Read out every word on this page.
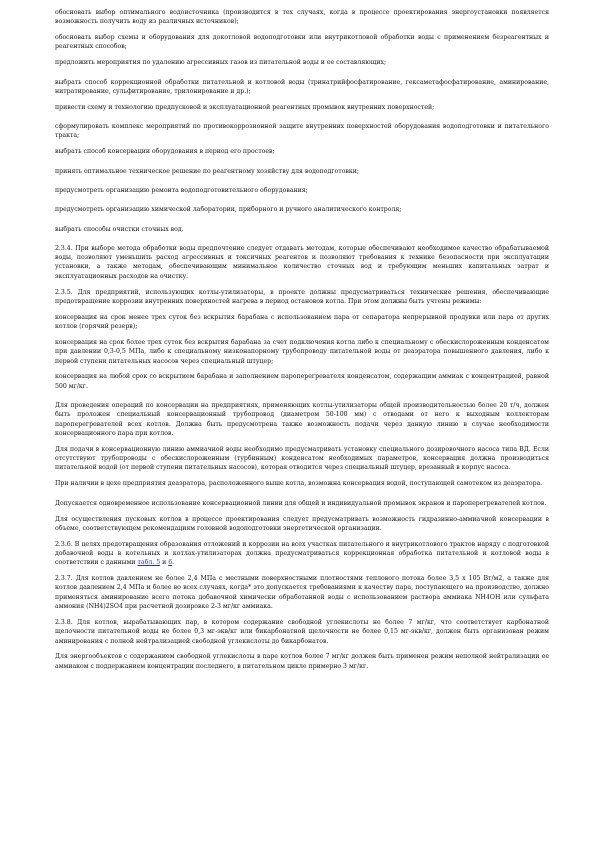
обосновать выбор оптимального водоисточника (производится в тех случаях, когда в процессе проектирования энергоустановки появляется возможность получить воду из различных источников);

обосновать выбор схемы и оборудования для докотловой водоподготовки или внутрикотловой обработки воды с применением безреагентных и реагентных способов;

предложить мероприятия по удалению агрессивных газов из питательной воды и ее составляющих;

выбрать способ коррекционной обработки питательной и котловой воды (тринатрийфосфатирование, гексаметафосфатирование, аминирование, нитратирование, сульфитирование, трилонирование и др.);

привести схему и технологию предпусковой и эксплуатационной реагентных промывок внутренних поверхностей;

сформулировать комплекс мероприятий по противокоррозионной защите внутренних поверхностей оборудования водоподготовки и питательного тракта;

выбрать способ консервации оборудования в период его простоев;

принять оптимальное техническое решение по реагентному хозяйству для водоподготовки;

предусмотреть организацию ремонта водоподготовительного оборудования;

предусмотреть организацию химической лаборатории, приборного и ручного аналитического контроля;

выбрать способы очистки сточных вод.

2.3.4. При выборе метода обработки воды предпочтение следует отдавать методам, которые обеспечивают необходимое качество обрабатываемой воды, позволяют уменьшить расход агрессивных и токсичных реагентов и позволяют требования к технике безопасности при эксплуатации установки, а также методам, обеспечивающим минимальное количество сточных вод и требующим меньших капитальных затрат и эксплуатационных расходов на очистку.

2.3.5. Для предприятий, использующих котлы-утилизаторы, в проекте должны предусматриваться технические решения, обеспечивающие предотвращение коррозии внутренних поверхностей нагрева в период остановов котла. При этом должны быть учтены режимы:

консервация на срок менее трех суток без вскрытия барабана с использованием пара от сепаратора непрерывной продувки или пара от других котлов (горячий резерв);

консервация на срок более трех суток без вскрытия барабана за счет подключения котла либо к специальному с обескислороженным конденсатом при давлении 0,3-0,5 МПа, либо к специальному низконапорному трубопроводу питательной воды от деаэратора повышенного давления, либо к первой ступени питательных насосов через специальный штуцер;

консервация на любой срок со вскрытием барабана и заполнением пароперегревателя конденсатом, содержащим аммиак с концентрацией, равной 500 мг/кг.

Для проведения операций по консервации на предприятиях, применяющих котлы-утилизаторы общей производительностью более 20 т/ч, должен быть проложен специальный консервационный трубопровод (диаметром 50-100 мм) с отводами от него к выходным коллекторам пароперегревателей всех котлов. Должна быть предусмотрена также возможность подачи через данную линию в случае необходимости консервационного пара при котлов.

Для подачи в консервационную линию аммиачной воды необходимо предусматривать установку специального дозировочного насоса типа ВД. Если отсутствуют трубопроводы с обескислороженным (турбинным) конденсатом необходимых параметров, консервация должна производиться питательной водой (от первой ступени питательных насосов), которая отводится через специальный штуцер, врезанный в корпус насоса.

При наличии в цехе предприятия деаэратора, расположенного выше котла, возможна консервация водой, поступающей самотеком из деаэратора.

Допускается одновременное использование консервационной линии для общей и индивидуальной промывок экранов и пароперегревателей котлов.

Для осуществления пусковых котлов в процессе проектирования следует предусматривать возможность гидразинно-аммиачной консервации в объеме, соответствующем рекомендациям головной водоподготовки энергетической организации.

2.3.6. В целях предотвращения образования отложений и коррозии на всех участках питательного и внутрикотлового трактов наряду с подготовкой добавочной воды в котельных и котлах-утилизаторах должна предусматриваться коррекционная обработка питательной и котловой воды в соответствии с данными табл. 5 и 6.

2.3.7. Для котлов давлением не более 2,4 МПа с местными поверхностными плотностями теплового потока более 3,5 x 105 Вт/м2, а также для котлов давлением 2,4 МПа и более во всех случаях, когда* это допускается требованиями к качеству пара, поступающего на производство, должно применяться аминирование всего потока добавочной химически обработанной воды с использованием раствора аммиака NH4OH или сульфата аммония (NH4)2SO4 при расчетной дозировке 2-3 мг/кг аммиака.

2.3.8. Для котлов, вырабатывающих пар, в котором содержание свободной углекислоты не более 7 мг/кг, что соответствует карбонатной щелочности питательной воды не более 0,3 мг-экв/кг или бикарбонатной щелочности не более 0,15 мг-экв/кг, должен быть организован режим аминирования с полной нейтрализацией свободной углекислоты до бикарбонатов.

Для энергообъектов с содержанием свободной углекислоты в паре котлов более 7 мг/кг должен быть применен режим неполной нейтрализации ее аммиаком с поддержанием концентрации последнего, в питательном цикле примерно 3 мг/кг.
